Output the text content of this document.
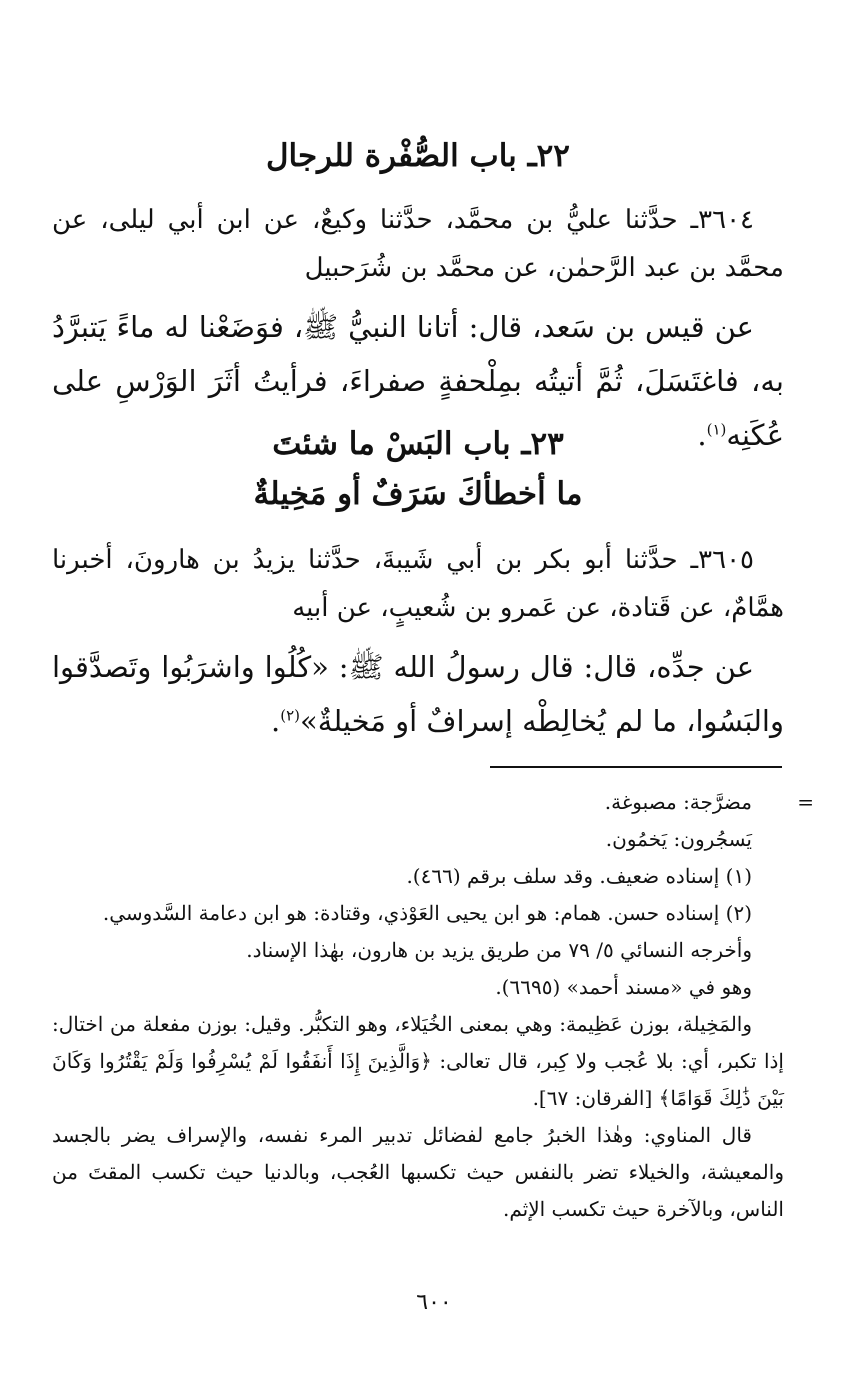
٢٢ـ باب الصُّفْرة للرجال

٣٦٠٤ـ حدَّثنا عليُّ بن محمَّد، حدَّثنا وكيعٌ، عن ابن أبي ليلى، عن محمَّد بن عبد الرَّحمٰن، عن محمَّد بن شُرَحبيل

عن قيس بن سَعد، قال: أتانا النبيُّ ﷺ، فوَضَعْنا له ماءً يَتبرَّدُ به، فاغتَسَلَ، ثُمَّ أتيتُه بمِلْحفةٍ صفراءَ، فرأيتُ أثَرَ الوَرْسِ على عُكَنِه$^{(١)}$.

٢٣ـ باب البَسْ ما شئتَ
ما أخطأكَ سَرَفٌ أو مَخِيلةٌ

٣٦٠٥ـ حدَّثنا أبو بكر بن أبي شَيبةَ، حدَّثنا يزيدُ بن هارونَ، أخبرنا همَّامٌ، عن قَتادة، عن عَمرو بن شُعيبٍ، عن أبيه

عن جدِّه، قال: قال رسولُ الله ﷺ: «كُلُوا واشرَبُوا وتَصدَّقوا والبَسُوا، ما لم يُخالِطْه إسرافٌ أو مَخيلةٌ»$^{(٢)}$.

=
مضرَّجة: مصبوغة.

يَسجُرون: يَخمُون.

(١) إسناده ضعيف. وقد سلف برقم (٤٦٦).

(٢) إسناده حسن. همام: هو ابن يحيى العَوْذي، وقتادة: هو ابن دعامة السَّدوسي.

وأخرجه النسائي ٥/ ٧٩ من طريق يزيد بن هارون، بهٰذا الإسناد.

وهو في «مسند أحمد» (٦٦٩٥).

والمَخِيلة، بوزن عَظِيمة: وهي بمعنى الخُيَلاء، وهو التكبُّر. وقيل: بوزن مفعلة من اختال: إذا تكبر، أي: بلا عُجب ولا كِبر، قال تعالى: ﴿وَالَّذِينَ إِذَا أَنفَقُوا لَمْ يُسْرِفُوا وَلَمْ يَقْتُرُوا وَكَانَ بَيْنَ ذَٰلِكَ قَوَامًا﴾ [الفرقان: ٦٧].

قال المناوي: وهٰذا الخبرُ جامع لفضائل تدبير المرء نفسه، والإسراف يضر بالجسد والمعيشة، والخيلاء تضر بالنفس حيث تكسبها العُجب، وبالدنيا حيث تكسب المقتَ من الناس، وبالآخرة حيث تكسب الإثم.

٦٠٠
